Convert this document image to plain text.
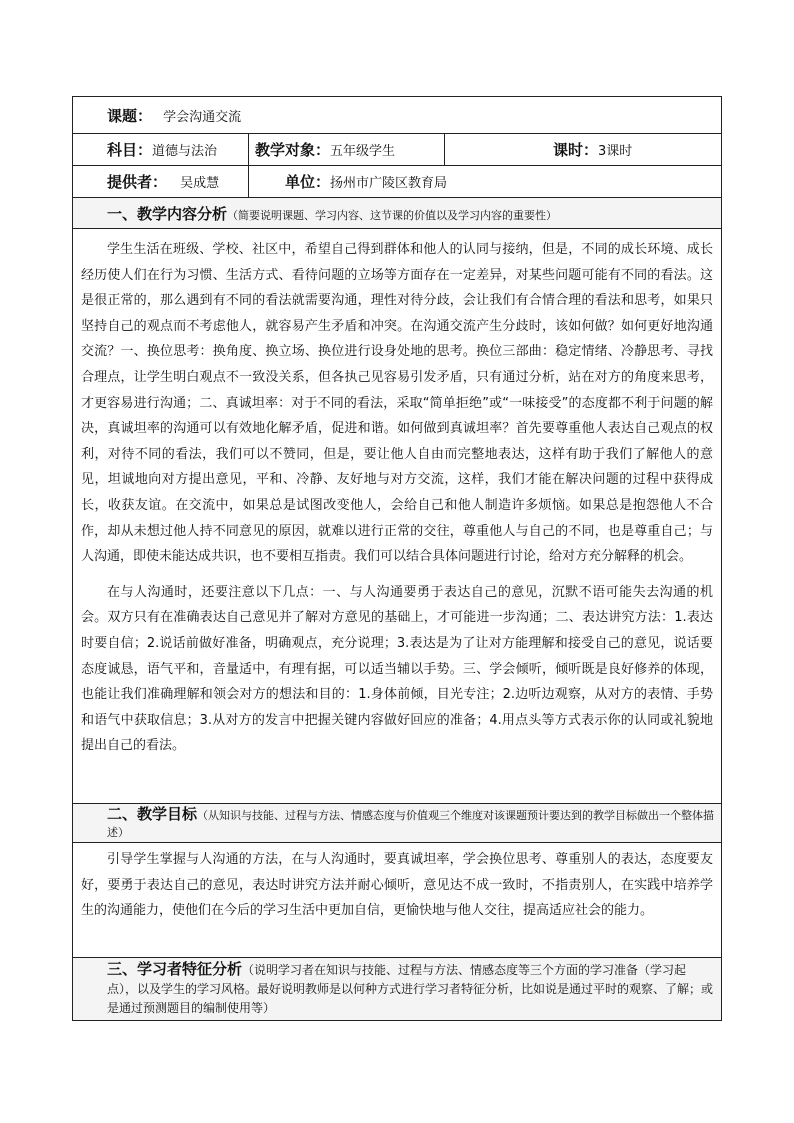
课题： 学会沟通交流		
科目：道德与法治	教学对象：五年级学生	课时：3课时
提供者： 吴成慧	单位：扬州市广陵区教育局	
一、教学内容分析（简要说明课题、学习内容、这节课的价值以及学习内容的重要性）		

学生生活在班级、学校、社区中，希望自己得到群体和他人的认同与接纳，但是，不同的成长环境、成长经历使人们在行为习惯、生活方式、看待问题的立场等方面存在一定差异，对某些问题可能有不同的看法。这是很正常的，那么遇到有不同的看法就需要沟通，理性对待分歧，会让我们有合情合理的看法和思考，如果只坚持自己的观点而不考虑他人，就容易产生矛盾和冲突。在沟通交流产生分歧时，该如何做？如何更好地沟通交流？一、换位思考：换角度、换立场、换位进行设身处地的思考。换位三部曲：稳定情绪、冷静思考、寻找合理点，让学生明白观点不一致没关系，但各执己见容易引发矛盾，只有通过分析，站在对方的角度来思考，才更容易进行沟通；二、真诚坦率：对于不同的看法，采取“简单拒绝”或“一味接受”的态度都不利于问题的解决，真诚坦率的沟通可以有效地化解矛盾，促进和谐。如何做到真诚坦率？首先要尊重他人表达自己观点的权利，对待不同的看法，我们可以不赞同，但是，要让他人自由而完整地表达，这样有助于我们了解他人的意见，坦诚地向对方提出意见，平和、冷静、友好地与对方交流，这样，我们才能在解决问题的过程中获得成长，收获友谊。在交流中，如果总是试图改变他人，会给自己和他人制造许多烦恼。如果总是抱怨他人不合作，却从未想过他人持不同意见的原因，就难以进行正常的交往，尊重他人与自己的不同，也是尊重自己；与人沟通，即使未能达成共识，也不要相互指责。我们可以结合具体问题进行讨论，给对方充分解释的机会。

在与人沟通时，还要注意以下几点：一、与人沟通要勇于表达自己的意见，沉默不语可能失去沟通的机会。双方只有在准确表达自己意见并了解对方意见的基础上，才可能进一步沟通；二、表达讲究方法：1.表达时要自信；2.说话前做好准备，明确观点，充分说理；3.表达是为了让对方能理解和接受自己的意见，说话要态度诚恳，语气平和，音量适中，有理有据，可以适当辅以手势。三、学会倾听，倾听既是良好修养的体现，也能让我们准确理解和领会对方的想法和目的：1.身体前倾，目光专注；2.边听边观察，从对方的表情、手势和语气中获取信息；3.从对方的发言中把握关键内容做好回应的准备；4.用点头等方式表示你的认同或礼貌地提出自己的看法。		

二、教学目标（从知识与技能、过程与方法、情感态度与价值观三个维度对该课题预计要达到的教学目标做出一个整体描述）		

引导学生掌握与人沟通的方法，在与人沟通时，要真诚坦率，学会换位思考、尊重别人的表达，态度要友好，要勇于表达自己的意见，表达时讲究方法并耐心倾听，意见达不成一致时，不指责别人，在实践中培养学生的沟通能力，使他们在今后的学习生活中更加自信，更愉快地与他人交往，提高适应社会的能力。		

三、学习者特征分析（说明学习者在知识与技能、过程与方法、情感态度等三个方面的学习准备（学习起点），以及学生的学习风格。最好说明教师是以何种方式进行学习者特征分析，比如说是通过平时的观察、了解；或是通过预测题目的编制使用等）		
